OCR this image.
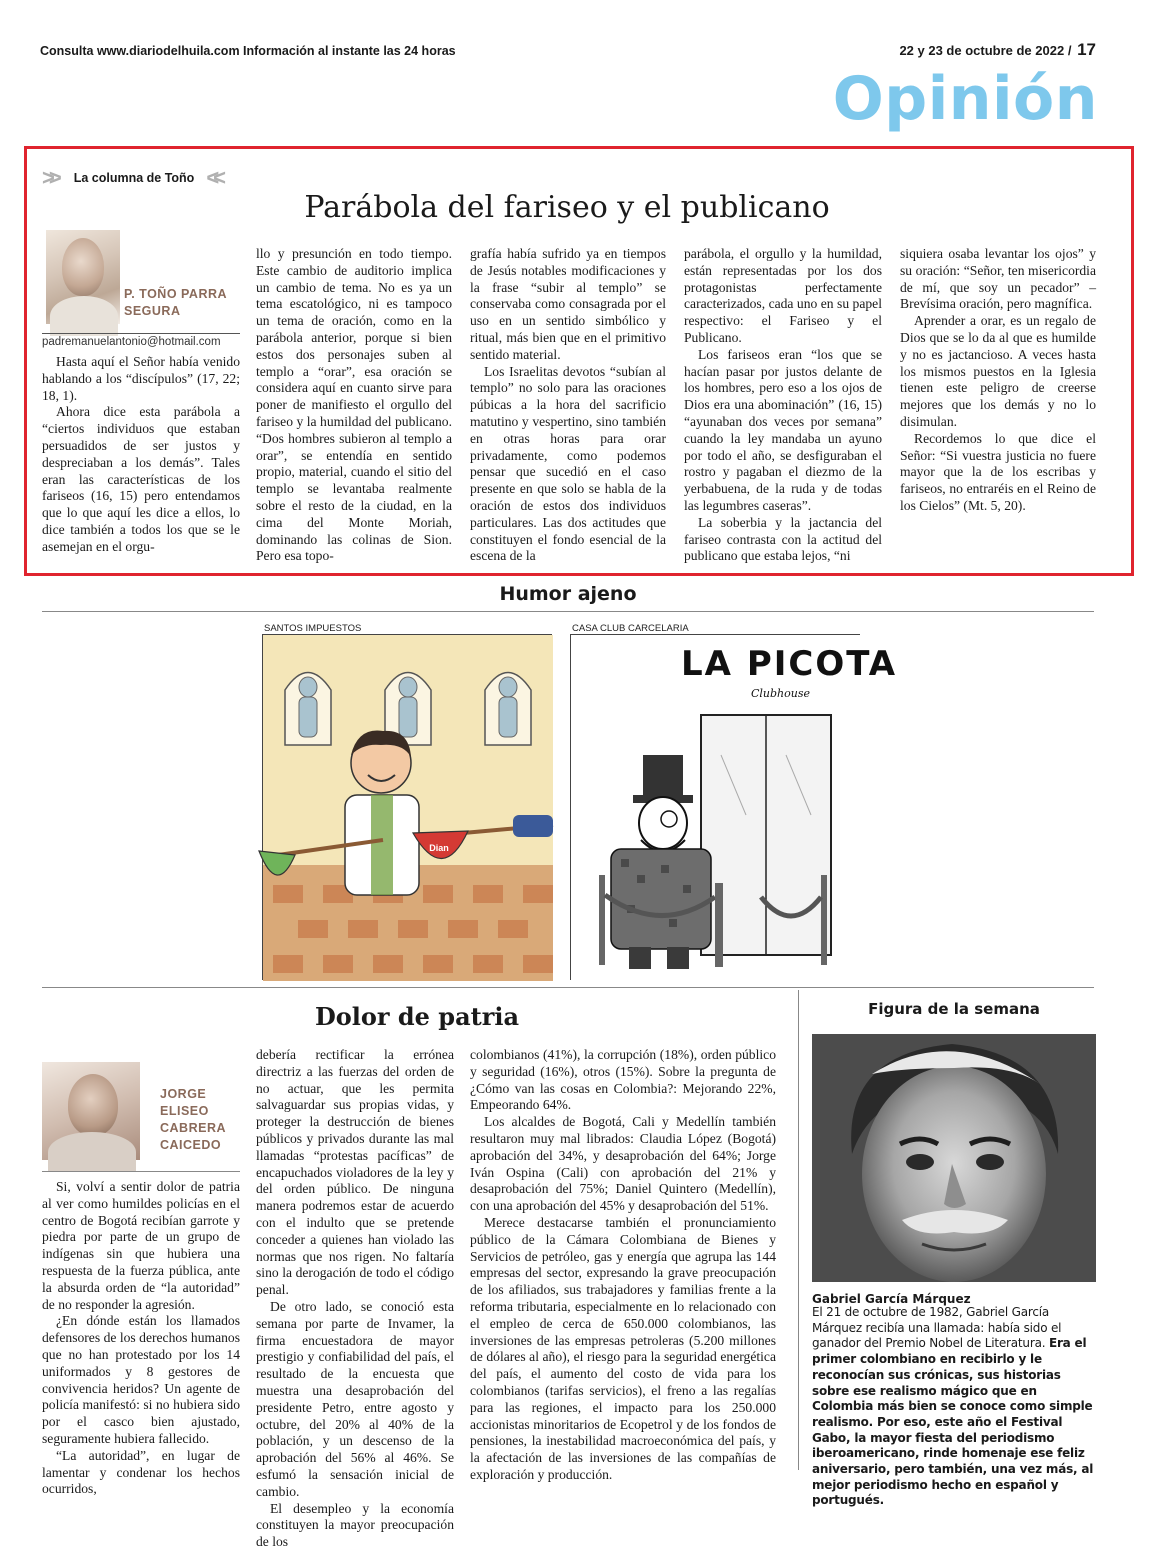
Consulta www.diariodelhuila.com Información al instante las 24 horas	22 y 23 de octubre de 2022 / 17
Opinión
>> La columna de Toño <<
Parábola del fariseo y el publicano
P. TOÑO PARRA
SEGURA
padremanuelantonio@hotmail.com

Hasta aquí el Señor había venido hablando a los “discípulos” (17, 22; 18, 1).

Ahora dice esta parábola a “ciertos individuos que estaban persuadidos de ser justos y despreciaban a los demás”. Tales eran las características de los fariseos (16, 15) pero entendamos que lo que aquí les dice a ellos, lo dice también a todos los que se le asemejan en el orgu-

llo y presunción en todo tiempo. Este cambio de auditorio implica un cambio de tema. No es ya un tema escatológico, ni es tampoco un tema de oración, como en la parábola anterior, porque si bien estos dos personajes suben al templo a “orar”, esa oración se considera aquí en cuanto sirve para poner de manifiesto el orgullo del fariseo y la humildad del publicano. “Dos hombres subieron al templo a orar”, se entendía en sentido propio, material, cuando el sitio del templo se levantaba realmente sobre el resto de la ciudad, en la cima del Monte Moriah, dominando las colinas de Sion. Pero esa topo-

grafía había sufrido ya en tiempos de Jesús notables modificaciones y la frase “subir al templo” se conservaba como consagrada por el uso en un sentido simbólico y ritual, más bien que en el primitivo sentido material.

Los Israelitas devotos “subían al templo” no solo para las oraciones púbicas a la hora del sacrificio matutino y vespertino, sino también en otras horas para orar privadamente, como podemos pensar que sucedió en el caso presente en que solo se habla de la oración de estos dos individuos particulares. Las dos actitudes que constituyen el fondo esencial de la escena de la

parábola, el orgullo y la humildad, están representadas por los dos protagonistas perfectamente caracterizados, cada uno en su papel respectivo: el Fariseo y el Publicano.

Los fariseos eran “los que se hacían pasar por justos delante de los hombres, pero eso a los ojos de Dios era una abominación” (16, 15) “ayunaban dos veces por semana” cuando la ley mandaba un ayuno por todo el año, se desfiguraban el rostro y pagaban el diezmo de la yerbabuena, de la ruda y de todas las legumbres caseras”.

La soberbia y la jactancia del fariseo contrasta con la actitud del publicano que estaba lejos, “ni

siquiera osaba levantar los ojos” y su oración: “Señor, ten misericordia de mí, que soy un pecador” –Brevísima oración, pero magnífica.

Aprender a orar, es un regalo de Dios que se lo da al que es humilde y no es jactancioso. A veces hasta los mismos puestos en la Iglesia tienen este peligro de creerse mejores que los demás y no lo disimulan.

Recordemos lo que dice el Señor: “Si vuestra justicia no fuere mayor que la de los escribas y fariseos, no entraréis en el Reino de los Cielos” (Mt. 5, 20).

Humor ajeno
SANTOS IMPUESTOS
Dian
CASA CLUB CARCELARIA
LA PICOTA
Clubhouse
Dolor de patria
JORGE
ELISEO
CABRERA
CAICEDO

Si, volví a sentir dolor de patria al ver como humildes policías en el centro de Bogotá recibían garrote y piedra por parte de un grupo de indígenas sin que hubiera una respuesta de la fuerza pública, ante la absurda orden de “la autoridad” de no responder la agresión.

¿En dónde están los llamados defensores de los derechos humanos que no han protestado por los 14 uniformados y 8 gestores de convivencia heridos? Un agente de policía manifestó: si no hubiera sido por el casco bien ajustado, seguramente hubiera fallecido.

“La autoridad”, en lugar de lamentar y condenar los hechos ocurridos,

debería rectificar la errónea directriz a las fuerzas del orden de no actuar, que les permita salvaguardar sus propias vidas, y proteger la destrucción de bienes públicos y privados durante las mal llamadas “protestas pacíficas” de encapuchados violadores de la ley y del orden público. De ninguna manera podremos estar de acuerdo con el indulto que se pretende conceder a quienes han violado las normas que nos rigen. No faltaría sino la derogación de todo el código penal.

De otro lado, se conoció esta semana por parte de Invamer, la firma encuestadora de mayor prestigio y confiabilidad del país, el resultado de la encuesta que muestra una desaprobación del presidente Petro, entre agosto y octubre, del 20% al 40% de la población, y un descenso de la aprobación del 56% al 46%. Se esfumó la sensación inicial de cambio.

El desempleo y la economía constituyen la mayor preocupación de los

colombianos (41%), la corrupción (18%), orden público y seguridad (16%), otros (15%). Sobre la pregunta de ¿Cómo van las cosas en Colombia?: Mejorando 22%, Empeorando 64%.

Los alcaldes de Bogotá, Cali y Medellín también resultaron muy mal librados: Claudia López (Bogotá) aprobación del 34%, y desaprobación del 64%; Jorge Iván Ospina (Cali) con aprobación del 21% y desaprobación del 75%; Daniel Quintero (Medellín), con una aprobación del 45% y desaprobación del 51%.

Merece destacarse también el pronunciamiento público de la Cámara Colombiana de Bienes y Servicios de petróleo, gas y energía que agrupa las 144 empresas del sector, expresando la grave preocupación de los afiliados, sus trabajadores y familias frente a la reforma tributaria, especialmente en lo relacionado con el empleo de cerca de 650.000 colombianos, las inversiones de las empresas petroleras (5.200 millones de dólares al año), el riesgo para la seguridad energética del país, el aumento del costo de vida para los colombianos (tarifas servicios), el freno a las regalías para las regiones, el impacto para los 250.000 accionistas minoritarios de Ecopetrol y de los fondos de pensiones, la inestabilidad macroeconómica del país, y la afectación de las inversiones de las compañías de exploración y producción.

Figura de la semana
Gabriel García Márquez
El 21 de octubre de 1982, Gabriel García Márquez recibía una llamada: había sido el ganador del Premio Nobel de Literatura. Era el primer colombiano en recibirlo y le reconocían sus crónicas, sus historias sobre ese realismo mágico que en Colombia más bien se conoce como simple realismo. Por eso, este año el Festival Gabo, la mayor fiesta del periodismo iberoamericano, rinde homenaje ese feliz aniversario, pero también, una vez más, al mejor periodismo hecho en español y portugués.
